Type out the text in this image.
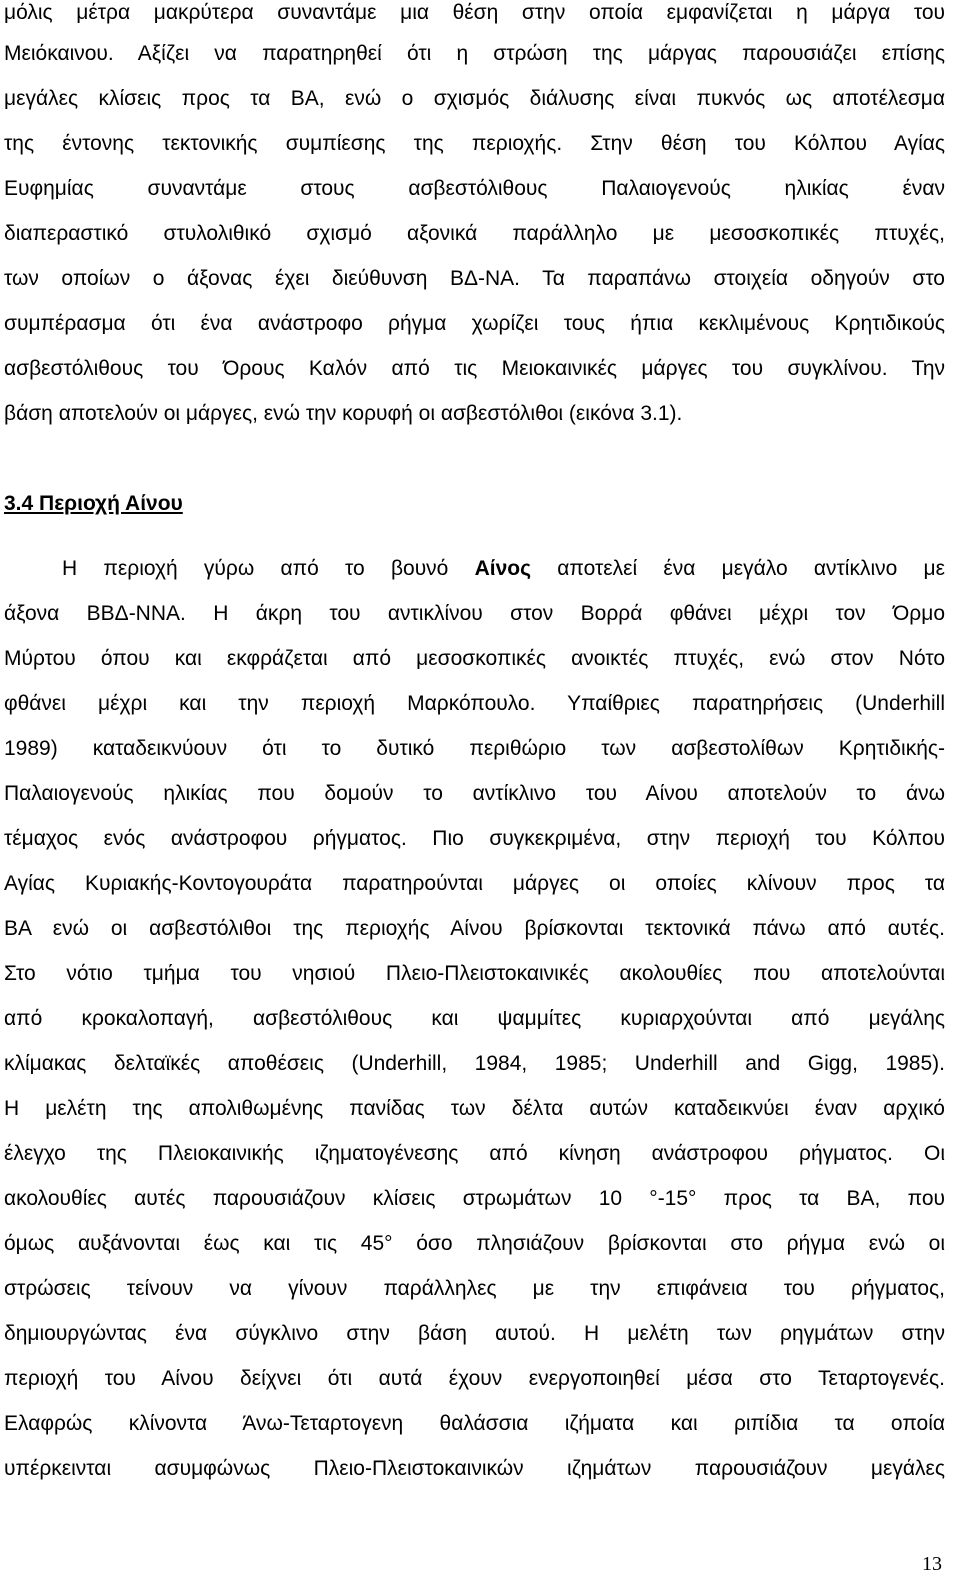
μόλις μέτρα μακρύτερα συναντάμε μια θέση στην οποία εμφανίζεται η μάργα του
Μειόκαινου. Αξίζει να παρατηρηθεί ότι η στρώση της μάργας παρουσιάζει επίσης
μεγάλες κλίσεις προς τα ΒΑ, ενώ ο σχισμός διάλυσης είναι πυκνός ως αποτέλεσμα
της έντονης τεκτονικής συμπίεσης της περιοχής. Στην θέση του Κόλπου Αγίας
Ευφημίας συναντάμε στους ασβεστόλιθους Παλαιογενούς ηλικίας έναν
διαπεραστικό στυλολιθικό σχισμό αξονικά παράλληλο με μεσοσκοπικές πτυχές,
των οποίων ο άξονας έχει διεύθυνση ΒΔ-ΝΑ. Τα παραπάνω στοιχεία οδηγούν στο
συμπέρασμα ότι ένα ανάστροφο ρήγμα χωρίζει τους ήπια κεκλιμένους Κρητιδικούς
ασβεστόλιθους του Όρους Καλόν από τις Μειοκαινικές μάργες του συγκλίνου. Την
βάση αποτελούν οι μάργες, ενώ την κορυφή οι ασβεστόλιθοι (εικόνα 3.1).
3.4 Περιοχή Αίνου
Η περιοχή γύρω από το βουνό Αίνος αποτελεί ένα μεγάλο αντίκλινο με
άξονα ΒΒΔ-ΝΝΑ. Η άκρη του αντικλίνου στον Βορρά φθάνει μέχρι τον Όρμο
Μύρτου όπου και εκφράζεται από μεσοσκοπικές ανοικτές πτυχές, ενώ στον Νότο
φθάνει μέχρι και την περιοχή Μαρκόπουλο. Υπαίθριες παρατηρήσεις (Underhill
1989) καταδεικνύουν ότι το δυτικό περιθώριο των ασβεστολίθων Κρητιδικής-
Παλαιογενούς ηλικίας που δομούν το αντίκλινο του Αίνου αποτελούν το άνω
τέμαχος ενός ανάστροφου ρήγματος. Πιο συγκεκριμένα, στην περιοχή του Κόλπου
Αγίας Κυριακής-Κοντογουράτα παρατηρούνται μάργες οι οποίες κλίνουν προς τα
ΒΑ ενώ οι ασβεστόλιθοι της περιοχής Αίνου βρίσκονται τεκτονικά πάνω από αυτές.
Στο νότιο τμήμα του νησιού Πλειο-Πλειστοκαινικές ακολουθίες που αποτελούνται
από κροκαλοπαγή, ασβεστόλιθους και ψαμμίτες κυριαρχούνται από μεγάλης
κλίμακας δελταϊκές αποθέσεις (Underhill, 1984, 1985; Underhill and Gigg, 1985).
Η μελέτη της απολιθωμένης πανίδας των δέλτα αυτών καταδεικνύει έναν αρχικό
έλεγχο της Πλειοκαινικής ιζηματογένεσης από κίνηση ανάστροφου ρήγματος. Οι
ακολουθίες αυτές παρουσιάζουν κλίσεις στρωμάτων 10 °-15° προς τα ΒΑ, που
όμως αυξάνονται έως και τις 45° όσο πλησιάζουν βρίσκονται στο ρήγμα ενώ οι
στρώσεις τείνουν να γίνουν παράλληλες με την επιφάνεια του ρήγματος,
δημιουργώντας ένα σύγκλινο στην βάση αυτού. Η μελέτη των ρηγμάτων στην
περιοχή του Αίνου δείχνει ότι αυτά έχουν ενεργοποιηθεί μέσα στο Τεταρτογενές.
Ελαφρώς κλίνοντα Άνω-Τεταρτογενη θαλάσσια ιζήματα και ριπίδια τα οποία
υπέρκεινται ασυμφώνως Πλειο-Πλειστοκαινικών ιζημάτων παρουσιάζουν μεγάλες
13
